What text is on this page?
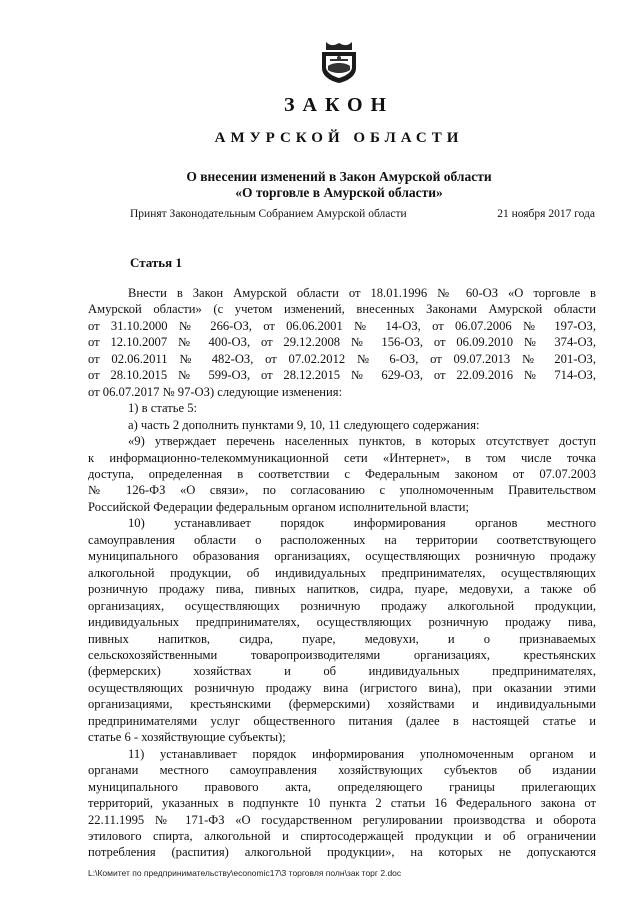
ЗАКОН
АМУРСКОЙ ОБЛАСТИ
О внесении изменений в Закон Амурской области
«О торговле в Амурской области»
Принят Законодательным Собранием Амурской области	21 ноября 2017 года
Статья 1

Внести в Закон Амурской области от 18.01.1996 № 60-ОЗ «О торговле в

Амурской области» (с учетом изменений, внесенных Законами Амурской области

от 31.10.2000 № 266-ОЗ, от 06.06.2001 № 14-ОЗ, от 06.07.2006 № 197-ОЗ,

от 12.10.2007 № 400-ОЗ, от 29.12.2008 № 156-ОЗ, от 06.09.2010 № 374-ОЗ,

от 02.06.2011 № 482-ОЗ, от 07.02.2012 № 6-ОЗ, от 09.07.2013 № 201-ОЗ,

от 28.10.2015 № 599-ОЗ, от 28.12.2015 № 629-ОЗ, от 22.09.2016 № 714-ОЗ,

от 06.07.2017 № 97-ОЗ) следующие изменения:

1) в статье 5:

а) часть 2 дополнить пунктами 9, 10, 11 следующего содержания:

«9) утверждает перечень населенных пунктов, в которых отсутствует доступ

к информационно-телекоммуникационной сети «Интернет», в том числе точка

доступа, определенная в соответствии с Федеральным законом от 07.07.2003

№ 126-ФЗ «О связи», по согласованию с уполномоченным Правительством

Российской Федерации федеральным органом исполнительной власти;

10) устанавливает порядок информирования органов местного

самоуправления области о расположенных на территории соответствующего

муниципального образования организациях, осуществляющих розничную продажу

алкогольной продукции, об индивидуальных предпринимателях, осуществляющих

розничную продажу пива, пивных напитков, сидра, пуаре, медовухи, а также об

организациях, осуществляющих розничную продажу алкогольной продукции,

индивидуальных предпринимателях, осуществляющих розничную продажу пива,

пивных напитков, сидра, пуаре, медовухи, и о признаваемых

сельскохозяйственными товаропроизводителями организациях, крестьянских

(фермерских) хозяйствах и об индивидуальных предпринимателях,

осуществляющих розничную продажу вина (игристого вина), при оказании этими

организациями, крестьянскими (фермерскими) хозяйствами и индивидуальными

предпринимателями услуг общественного питания (далее в настоящей статье и

статье 6 - хозяйствующие субъекты);

11) устанавливает порядок информирования уполномоченным органом и

органами местного самоуправления хозяйствующих субъектов об издании

муниципального правового акта, определяющего границы прилегающих

территорий, указанных в подпункте 10 пункта 2 статьи 16 Федерального закона от

22.11.1995 № 171-ФЗ «О государственном регулировании производства и оборота

этилового спирта, алкогольной и спиртосодержащей продукции и об ограничении

потребления (распития) алкогольной продукции», на которых не допускаются

L:\Комитет по предпринимательству\economic17\3 торговля полн\зак торг 2.doc
